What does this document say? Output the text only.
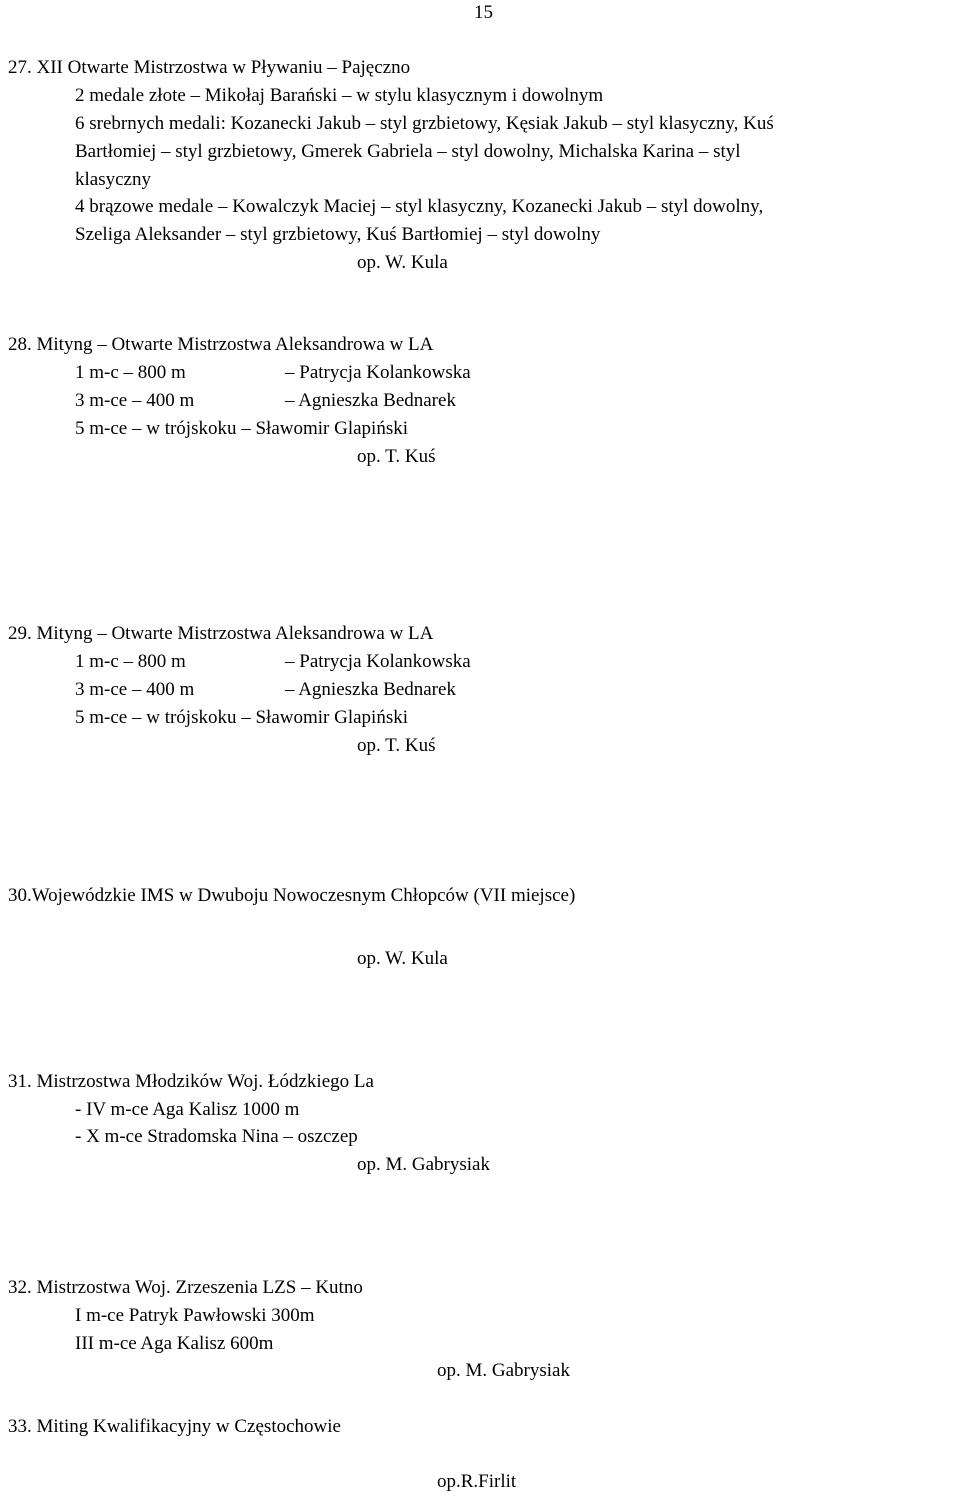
15
27. XII Otwarte Mistrzostwa w Pływaniu – Pajęczno
2 medale złote – Mikołaj Barański – w stylu klasycznym i dowolnym
6 srebrnych medali: Kozanecki Jakub – styl grzbietowy, Kęsiak Jakub – styl klasyczny, Kuś
Bartłomiej – styl grzbietowy, Gmerek Gabriela – styl dowolny, Michalska Karina – styl
klasyczny
4 brązowe medale – Kowalczyk Maciej – styl klasyczny, Kozanecki Jakub – styl dowolny,
Szeliga Aleksander – styl grzbietowy, Kuś Bartłomiej – styl dowolny
op. W. Kula
28. Mityng – Otwarte Mistrzostwa Aleksandrowa w LA
1 m-c – 800 m	– Patrycja Kolankowska
3 m-ce – 400 m	– Agnieszka Bednarek
5 m-ce – w trójskoku – Sławomir Glapiński
op. T. Kuś
29. Mityng – Otwarte Mistrzostwa Aleksandrowa w LA
1 m-c – 800 m	– Patrycja Kolankowska
3 m-ce – 400 m	– Agnieszka Bednarek
5 m-ce – w trójskoku – Sławomir Glapiński
op. T. Kuś
30.Wojewódzkie IMS w Dwuboju Nowoczesnym Chłopców (VII miejsce)
op. W. Kula
31. Mistrzostwa Młodzików Woj. Łódzkiego La
- IV m-ce Aga Kalisz 1000 m
- X m-ce Stradomska Nina – oszczep
op. M. Gabrysiak
32. Mistrzostwa Woj. Zrzeszenia LZS – Kutno
I m-ce Patryk Pawłowski 300m
III m-ce Aga Kalisz 600m
op. M. Gabrysiak
33. Miting Kwalifikacyjny w Częstochowie
op.R.Firlit
